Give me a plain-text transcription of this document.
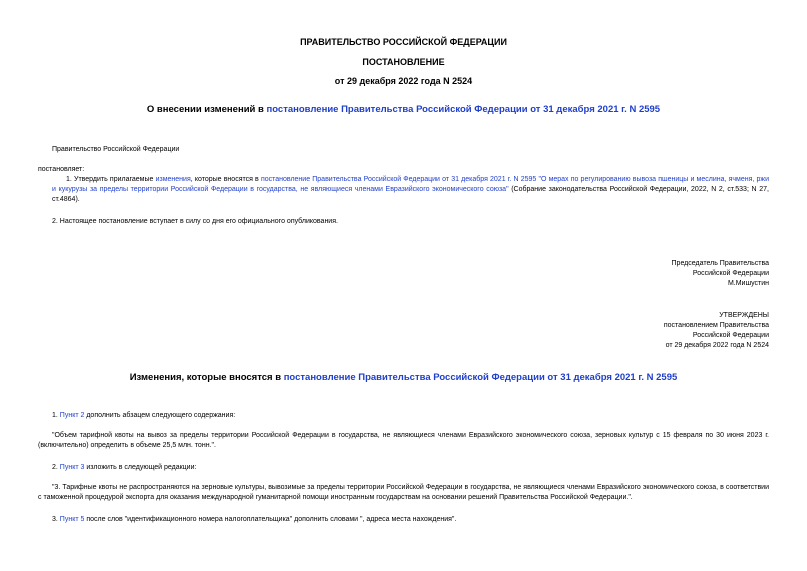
ПРАВИТЕЛЬСТВО РОССИЙСКОЙ ФЕДЕРАЦИИ
ПОСТАНОВЛЕНИЕ
от 29 декабря 2022 года N 2524
О внесении изменений в постановление Правительства Российской Федерации от 31 декабря 2021 г. N 2595
Правительство Российской Федерации
постановляет:
1. Утвердить прилагаемые изменения, которые вносятся в постановление Правительства Российской Федерации от 31 декабря 2021 г. N 2595 "О мерах по регулированию вывоза пшеницы и меслина, ячменя, ржи и кукурузы за пределы территории Российской Федерации в государства, не являющиеся членами Евразийского экономического союза" (Собрание законодательства Российской Федерации, 2022, N 2, ст.533; N 27, ст.4864).
2. Настоящее постановление вступает в силу со дня его официального опубликования.
Председатель Правительства
Российской Федерации
М.Мишустин
УТВЕРЖДЕНЫ
постановлением Правительства
Российской Федерации
от 29 декабря 2022 года N 2524
Изменения, которые вносятся в постановление Правительства Российской Федерации от 31 декабря 2021 г. N 2595
1. Пункт 2 дополнить абзацем следующего содержания:
"Объем тарифной квоты на вывоз за пределы территории Российской Федерации в государства, не являющиеся членами Евразийского экономического союза, зерновых культур с 15 февраля по 30 июня 2023 г. (включительно) определить в объеме 25,5 млн. тонн.".
2. Пункт 3 изложить в следующей редакции:
"3. Тарифные квоты не распространяются на зерновые культуры, вывозимые за пределы территории Российской Федерации в государства, не являющиеся членами Евразийского экономического союза, в соответствии с таможенной процедурой экспорта для оказания международной гуманитарной помощи иностранным государствам на основании решений Правительства Российской Федерации.".
3. Пункт 5 после слов "идентификационного номера налогоплательщика" дополнить словами ", адреса места нахождения".
